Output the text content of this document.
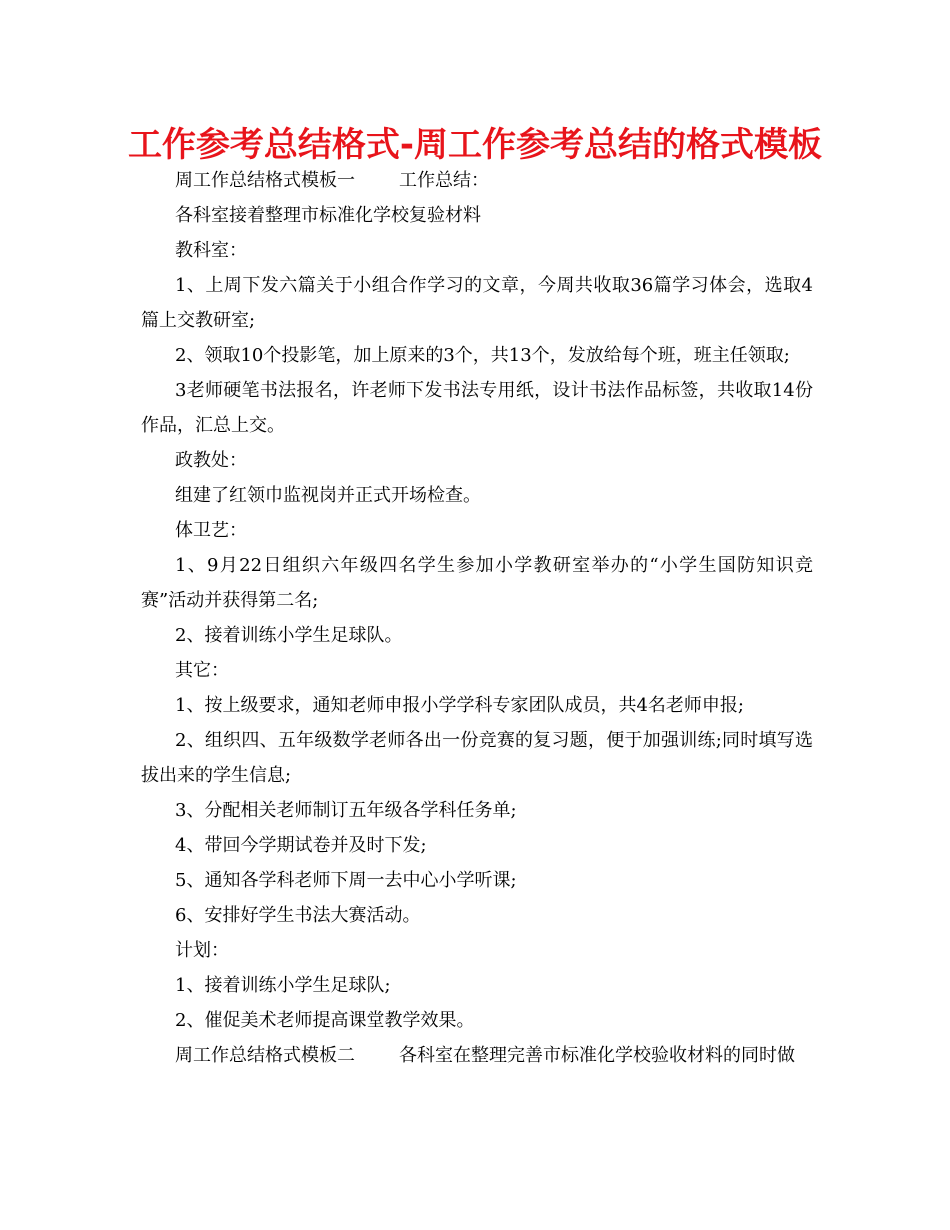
工作参考总结格式-周工作参考总结的格式模板

周工作总结格式模板一 工作总结：

各科室接着整理市标准化学校复验材料

教科室：

1、上周下发六篇关于小组合作学习的文章，今周共收取36篇学习体会，选取4篇上交教研室;

2、领取10个投影笔，加上原来的3个，共13个，发放给每个班，班主任领取;

3老师硬笔书法报名，许老师下发书法专用纸，设计书法作品标签，共收取14份作品，汇总上交。

政教处：

组建了红领巾监视岗并正式开场检查。

体卫艺：

1、9月22日组织六年级四名学生参加小学教研室举办的“小学生国防知识竞赛”活动并获得第二名;

2、接着训练小学生足球队。

其它：

1、按上级要求，通知老师申报小学学科专家团队成员，共4名老师申报;

2、组织四、五年级数学老师各出一份竞赛的复习题，便于加强训练;同时填写选拔出来的学生信息;

3、分配相关老师制订五年级各学科任务单;

4、带回今学期试卷并及时下发;

5、通知各学科老师下周一去中心小学听课;

6、安排好学生书法大赛活动。

计划：

1、接着训练小学生足球队;

2、催促美术老师提高课堂教学效果。

周工作总结格式模板二 各科室在整理完善市标准化学校验收材料的同时做
